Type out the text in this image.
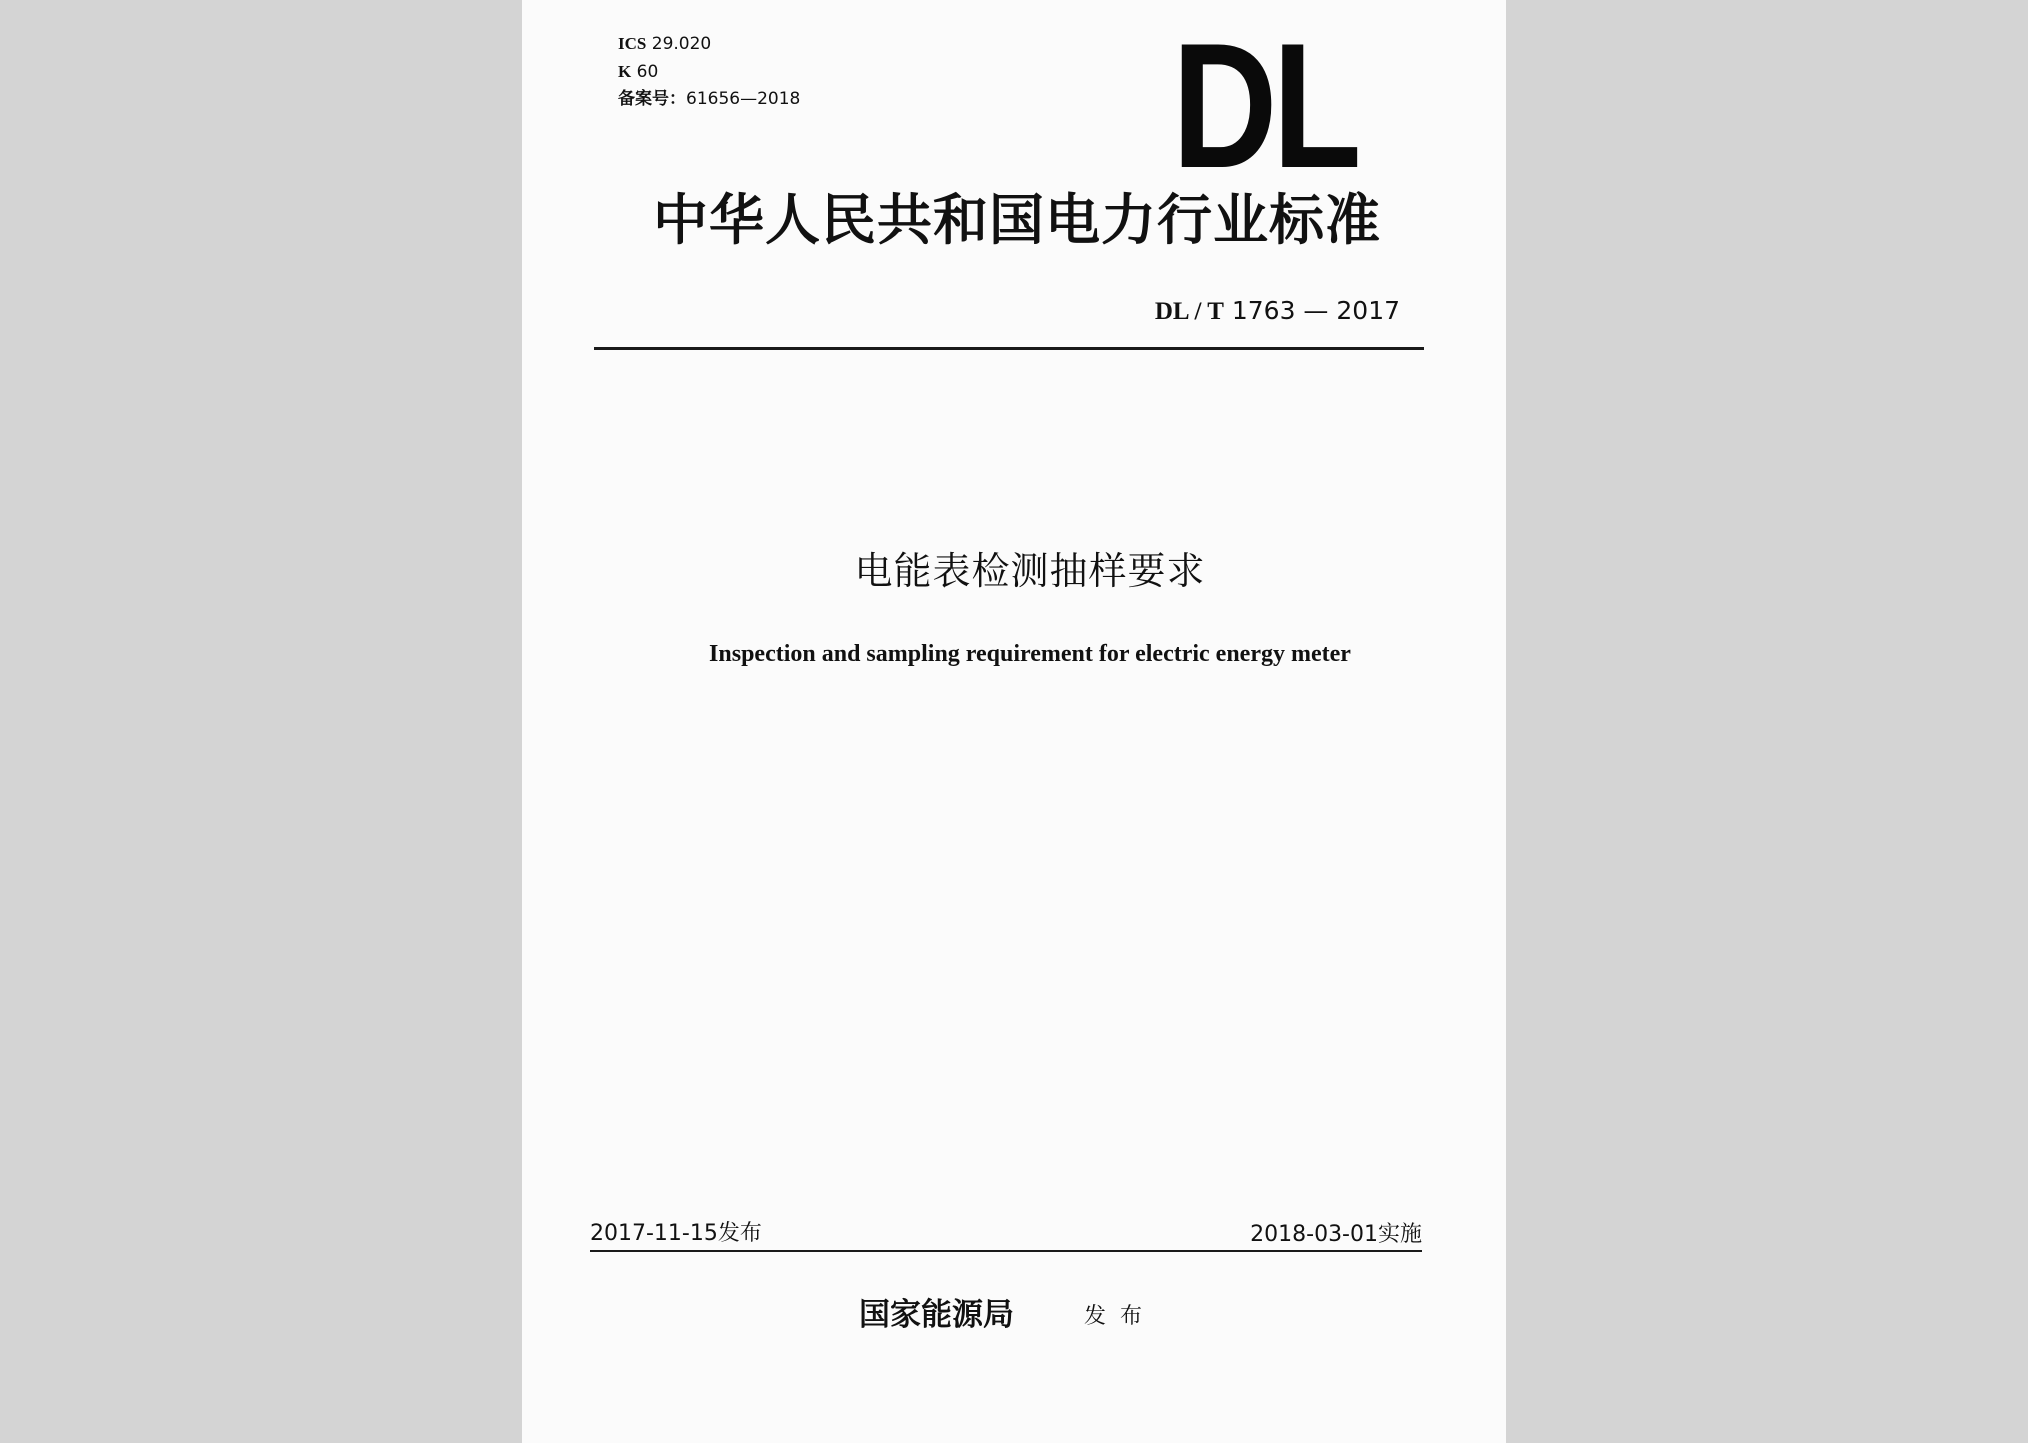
ICS 29.020
K 60
备案号：61656—2018 DL
中华人民共和国电力行业标准
DL / T 1763 — 2017
电能表检测抽样要求
Inspection and sampling requirement for electric energy meter
2017-11-15发布	2018-03-01实施
国家能源局	发布
